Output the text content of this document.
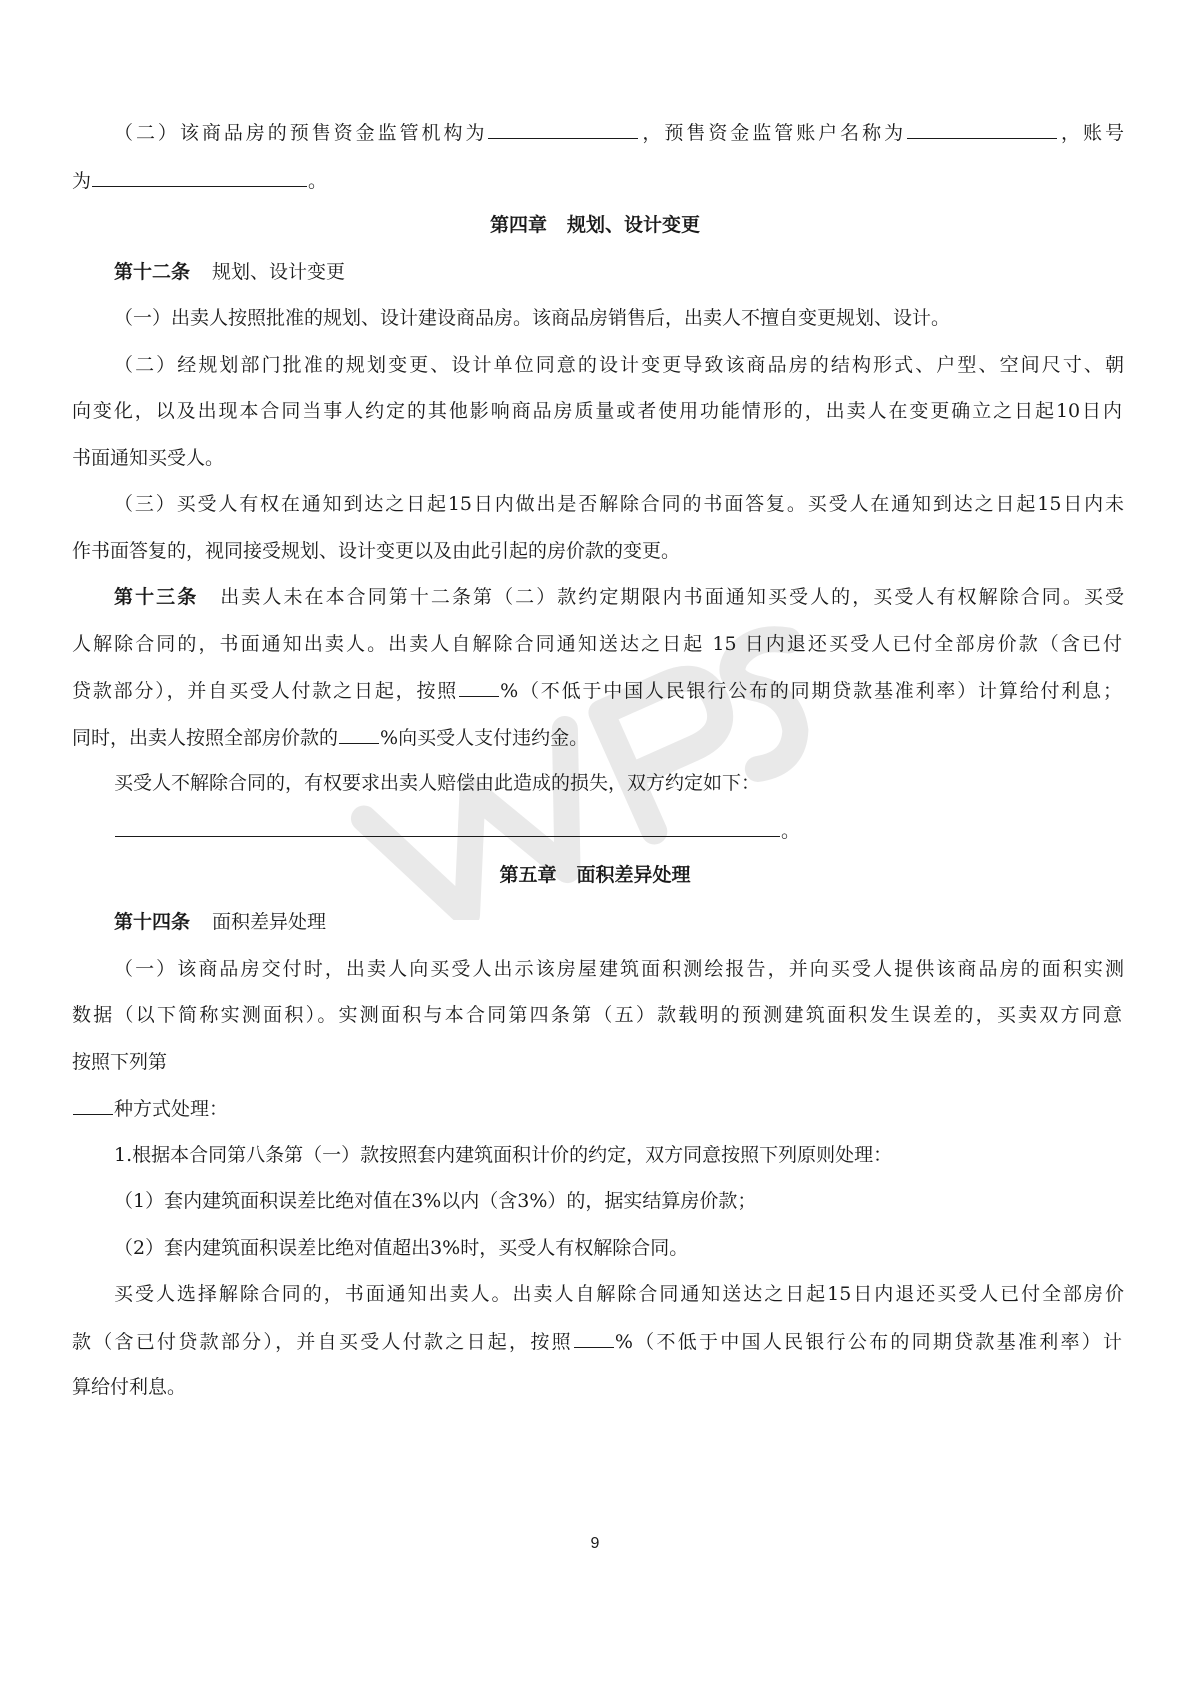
（二）该商品房的预售资金监管机构为	，预售资金监管账户名称为	，账号
为	。
第四章 规划、设计变更
第十二条 规划、设计变更
（一）出卖人按照批准的规划、设计建设商品房。该商品房销售后，出卖人不擅自变更规划、设计。
（二）经规划部门批准的规划变更、设计单位同意的设计变更导致该商品房的结构形式、户型、空间尺寸、朝
向变化，以及出现本合同当事人约定的其他影响商品房质量或者使用功能情形的，出卖人在变更确立之日起10日内
书面通知买受人。
（三）买受人有权在通知到达之日起15日内做出是否解除合同的书面答复。买受人在通知到达之日起15日内未
作书面答复的，视同接受规划、设计变更以及由此引起的房价款的变更。
第十三条 出卖人未在本合同第十二条第（二）款约定期限内书面通知买受人的，买受人有权解除合同。买受
人解除合同的，书面通知出卖人。出卖人自解除合同通知送达之日起 15 日内退还买受人已付全部房价款（含已付
贷款部分），并自买受人付款之日起，按照 %（不低于中国人民银行公布的同期贷款基准利率）计算给付利息；
同时，出卖人按照全部房价款的 %向买受人支付违约金。
买受人不解除合同的，有权要求出卖人赔偿由此造成的损失，双方约定如下：
。
第五章 面积差异处理
第十四条 面积差异处理
（一）该商品房交付时，出卖人向买受人出示该房屋建筑面积测绘报告，并向买受人提供该商品房的面积实测
数据（以下简称实测面积）。实测面积与本合同第四条第（五）款载明的预测建筑面积发生误差的，买卖双方同意
按照下列第
种方式处理：
1.根据本合同第八条第（一）款按照套内建筑面积计价的约定，双方同意按照下列原则处理：
（1）套内建筑面积误差比绝对值在3%以内（含3%）的，据实结算房价款；
（2）套内建筑面积误差比绝对值超出3%时，买受人有权解除合同。
买受人选择解除合同的，书面通知出卖人。出卖人自解除合同通知送达之日起15日内退还买受人已付全部房价
款（含已付贷款部分），并自买受人付款之日起，按照 %（不低于中国人民银行公布的同期贷款基准利率）计
算给付利息。
9
